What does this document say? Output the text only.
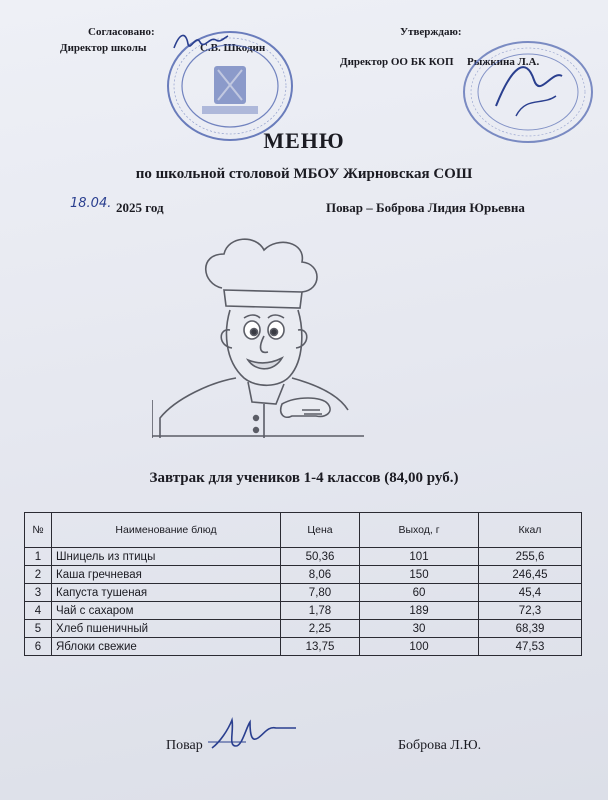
Согласовано:
Директор школы	С.В. Шкодин
Утверждаю:
Директор ОО БК КОП Рыжкина Л.А.
МЕНЮ
по школьной столовой МБОУ Жирновская СОШ
18.04. 2025 год	Повар – Боброва Лидия Юрьевна
Завтрак для учеников 1-4 классов (84,00 руб.)
№	Наименование блюд	Цена	Выход, г	Ккал
1	Шницель из птицы	50,36	101	255,6
2	Каша гречневая	8,06	150	246,45
3	Капуста тушеная	7,80	60	45,4
4	Чай с сахаром	1,78	189	72,3
5	Хлеб пшеничный	2,25	30	68,39
6	Яблоки свежие	13,75	100	47,53
Повар	Боброва Л.Ю.
